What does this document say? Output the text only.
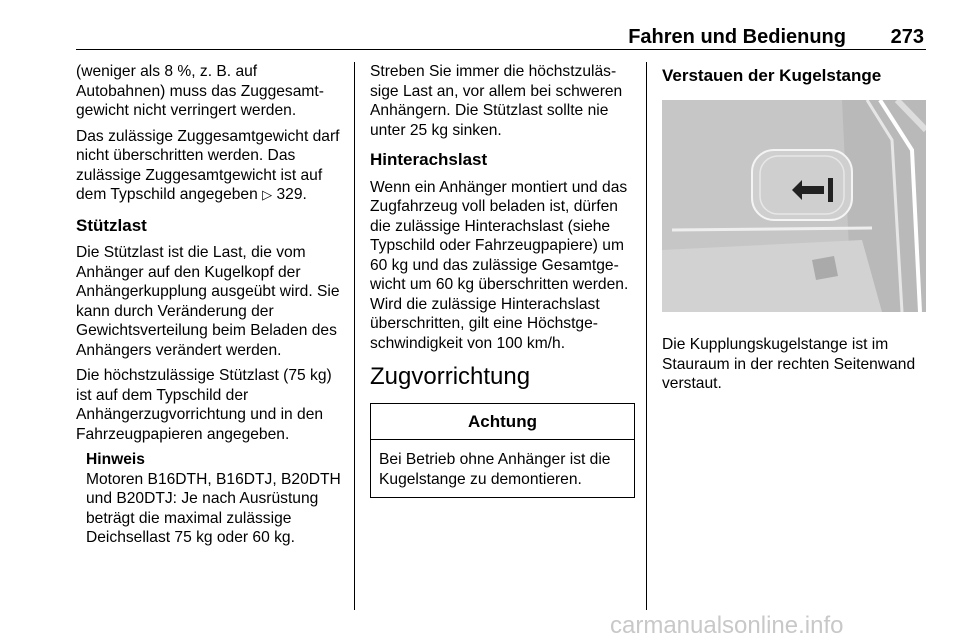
Fahren und Bedienung 273

(weniger als 8 %, z. B. auf Autobahnen) muss das Zuggesamtgewicht nicht verringert werden.

Das zulässige Zuggesamtgewicht darf nicht überschritten werden. Das zulässige Zuggesamtgewicht ist auf dem Typschild angegeben ▷ 329.

Stützlast

Die Stützlast ist die Last, die vom Anhänger auf den Kugelkopf der Anhängerkupplung ausgeübt wird. Sie kann durch Veränderung der Gewichtsverteilung beim Beladen des Anhängers verändert werden.

Die höchstzulässige Stützlast (75 kg) ist auf dem Typschild der Anhängerzugvorrichtung und in den Fahrzeugpapieren angegeben.

Hinweis
Motoren B16DTH, B16DTJ, B20DTH und B20DTJ: Je nach Ausrüstung beträgt die maximal zulässige Deichsellast 75 kg oder 60 kg.

Streben Sie immer die höchstzulässige Last an, vor allem bei schweren Anhängern. Die Stützlast sollte nie unter 25 kg sinken.

Hinterachslast

Wenn ein Anhänger montiert und das Zugfahrzeug voll beladen ist, dürfen die zulässige Hinterachslast (siehe Typschild oder Fahrzeugpapiere) um 60 kg und das zulässige Gesamtgewicht um 60 kg überschritten werden. Wird die zulässige Hinterachslast überschritten, gilt eine Höchstgeschwindigkeit von 100 km/h.

Zugvorrichtung
Achtung
Bei Betrieb ohne Anhänger ist die Kugelstange zu demontieren.
Verstauen der Kugelstange

Die Kupplungskugelstange ist im Stauraum in der rechten Seitenwand verstaut.

carmanualsonline.info
